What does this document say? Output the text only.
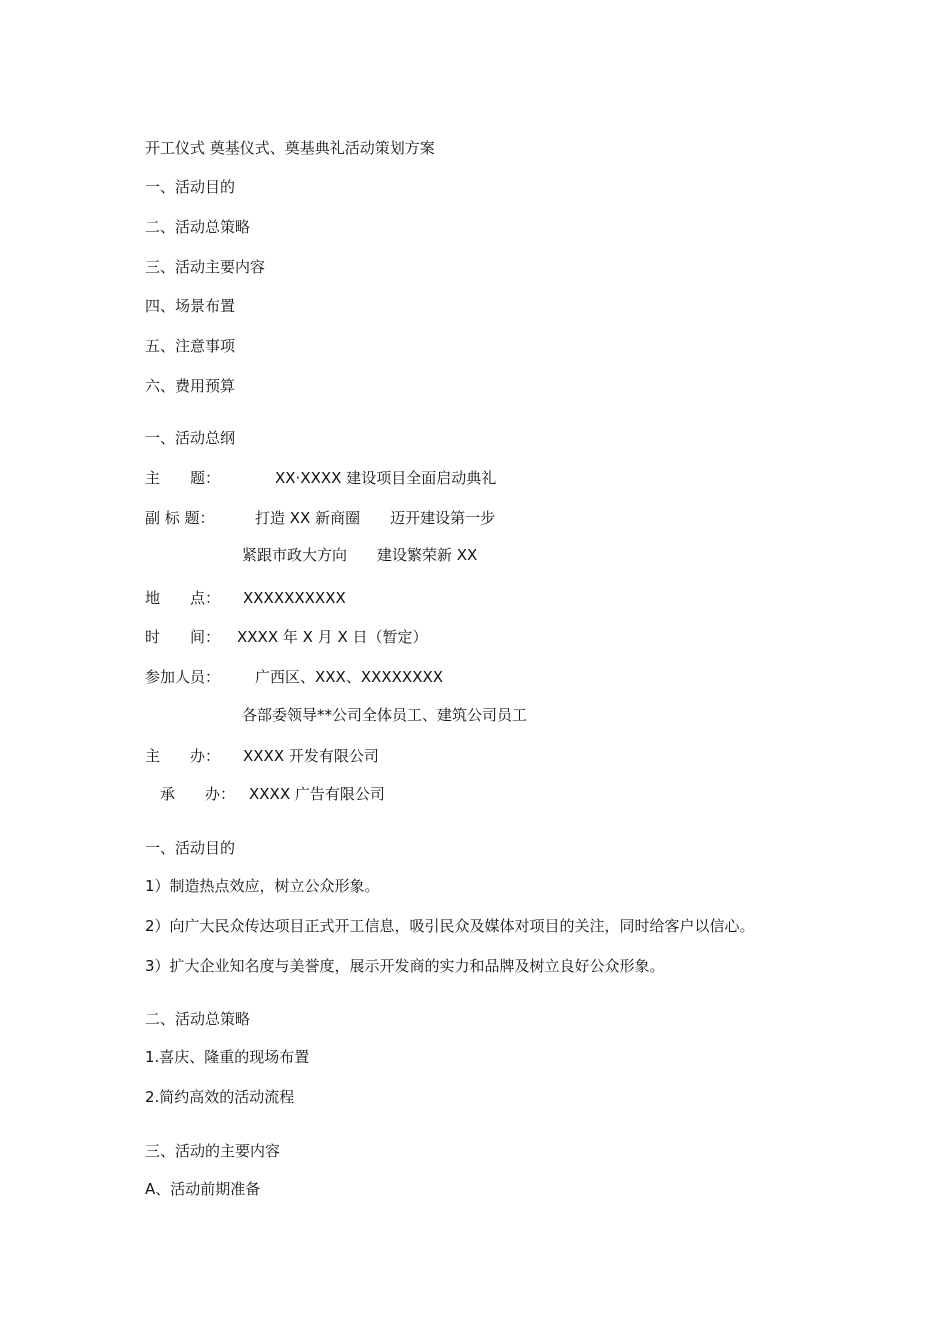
开工仪式 奠基仪式、奠基典礼活动策划方案
一、活动目的
二、活动总策略
三、活动主要内容
四、场景布置
五、注意事项
六、费用预算
一、活动总纲
主　　题：	XX·XXXX 建设项目全面启动典礼
副 标 题：	打造 XX 新商圈　　迈开建设第一步
紧跟市政大方向　　建设繁荣新 XX
地　　点： XXXXXXXXXX
时　　间： XXXX 年 X 月 X 日（暂定）
参加人员： 广西区、XXX、XXXXXXXX
各部委领导**公司全体员工、建筑公司员工
主　　办： XXXX 开发有限公司
承　　办： XXXX 广告有限公司
一、活动目的
1）制造热点效应，树立公众形象。
2）向广大民众传达项目正式开工信息，吸引民众及媒体对项目的关注，同时给客户以信心。
3）扩大企业知名度与美誉度，展示开发商的实力和品牌及树立良好公众形象。
二、活动总策略
1.喜庆、隆重的现场布置
2.简约高效的活动流程
三、活动的主要内容
A、活动前期准备
